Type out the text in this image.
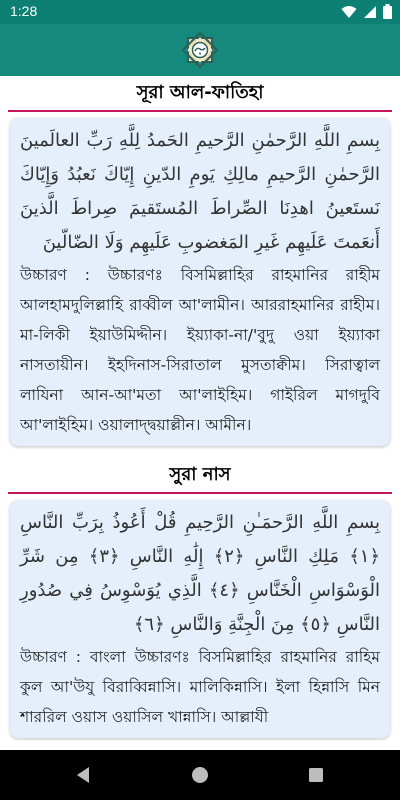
1:28
সূরা আল-ফাতিহা
بِسمِ اللَّهِ الرَّحمٰنِ الرَّحيمِ الحَمدُ لِلَّهِ رَبِّ العالَمينَ الرَّحمٰنِ الرَّحيمِ مالِكِ يَومِ الدّينِ إِيّاكَ نَعبُدُ وَإِيّاكَ نَستَعينُ اهدِنَا الصِّراطَ المُستَقيمَ صِراطَ الَّذينَ أَنعَمتَ عَلَيهِم غَيرِ المَغضوبِ عَلَيهِم وَلَا الضّالّينَ
উচ্চারণ : উচ্চারণঃ বিসমিল্লাহির রাহমানির রাহীম আলহামদুলিল্লাহি রাব্বীল আ'লামীন। আররাহমানির রাহীম। মা-লিকী ইয়াউমিদ্দীন। ইয়্যাকা-না/'বুদু ওয়া ইয়্যাকা নাসতায়ীন। ইহদিনাস-সিরাতাল মুসতাক্বীম। সিরাত্বাল লাযিনা আন-আ'মতা আ'লাইহিম। গাইরিল মাগদুবি আ'লাইহিম। ওয়ালাদ্দ্বয়াল্লীন। আমীন।
সুরা নাস
بِسمِ اللَّهِ الرَّحمَـٰنِ الرَّحِيمِ قُلْ أَعُوذُ بِرَبِّ النَّاسِ ﴿١﴾ مَلِكِ النَّاسِ ﴿٢﴾ إِلَٰهِ النَّاسِ ﴿٣﴾ مِن شَرِّ الْوَسْوَاسِ الْخَنَّاسِ ﴿٤﴾ الَّذِي يُوَسْوِسُ فِي صُدُورِ النَّاسِ ﴿٥﴾ مِنَ الْجِنَّةِ وَالنَّاسِ ﴿٦﴾
উচ্চারণ : বাংলা উচ্চারণঃ বিসমিল্লাহির রাহমানির রাহিম কুল আ'উযু বিরাব্বিন্নাসি। মালিকিন্নাসি। ইলা হিন্নাসি মিন শাররিল ওয়াস ওয়াসিল খান্নাসি। আল্লাযী
